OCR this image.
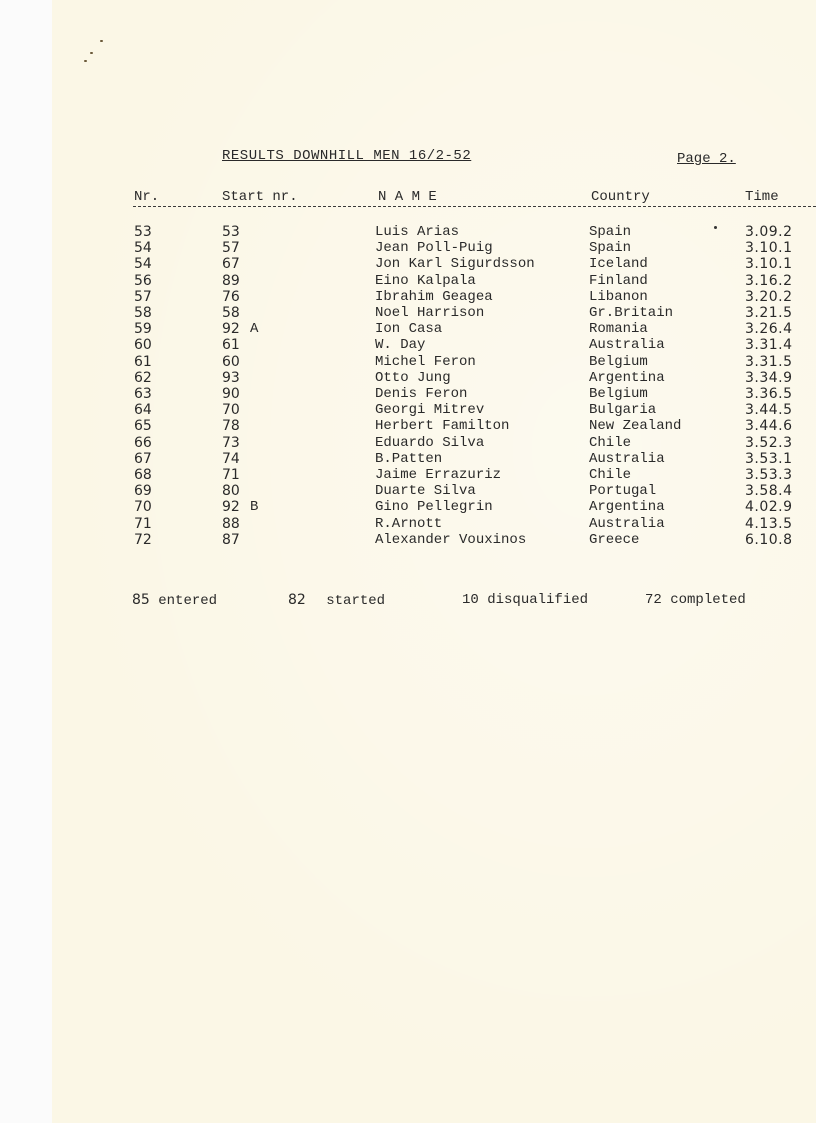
RESULTS DOWNHILL MEN 16/2-52	Page 2.
Nr.	Start nr.	N A M E	Country	Time
53	53	Luis Arias	Spain	3.09.2
54	57	Jean Poll-Puig	Spain	3.10.1
54	67	Jon Karl Sigurdsson	Iceland	3.10.1
56	89	Eino Kalpala	Finland	3.16.2
57	76	Ibrahim Geagea	Libanon	3.20.2
58	58	Noel Harrison	Gr.Britain	3.21.5
59	92 A	Ion Casa	Romania	3.26.4
60	61	W. Day	Australia	3.31.4
61	60	Michel Feron	Belgium	3.31.5
62	93	Otto Jung	Argentina	3.34.9
63	90	Denis Feron	Belgium	3.36.5
64	70	Georgi Mitrev	Bulgaria	3.44.5
65	78	Herbert Familton	New Zealand	3.44.6
66	73	Eduardo Silva	Chile	3.52.3
67	74	B.Patten	Australia	3.53.1
68	71	Jaime Errazuriz	Chile	3.53.3
69	80	Duarte Silva	Portugal	3.58.4
70	92 B	Gino Pellegrin	Argentina	4.02.9
71	88	R.Arnott	Australia	4.13.5
72	87	Alexander Vouxinos	Greece	6.10.8
85 entered	82 started	10 disqualified	72 completed
